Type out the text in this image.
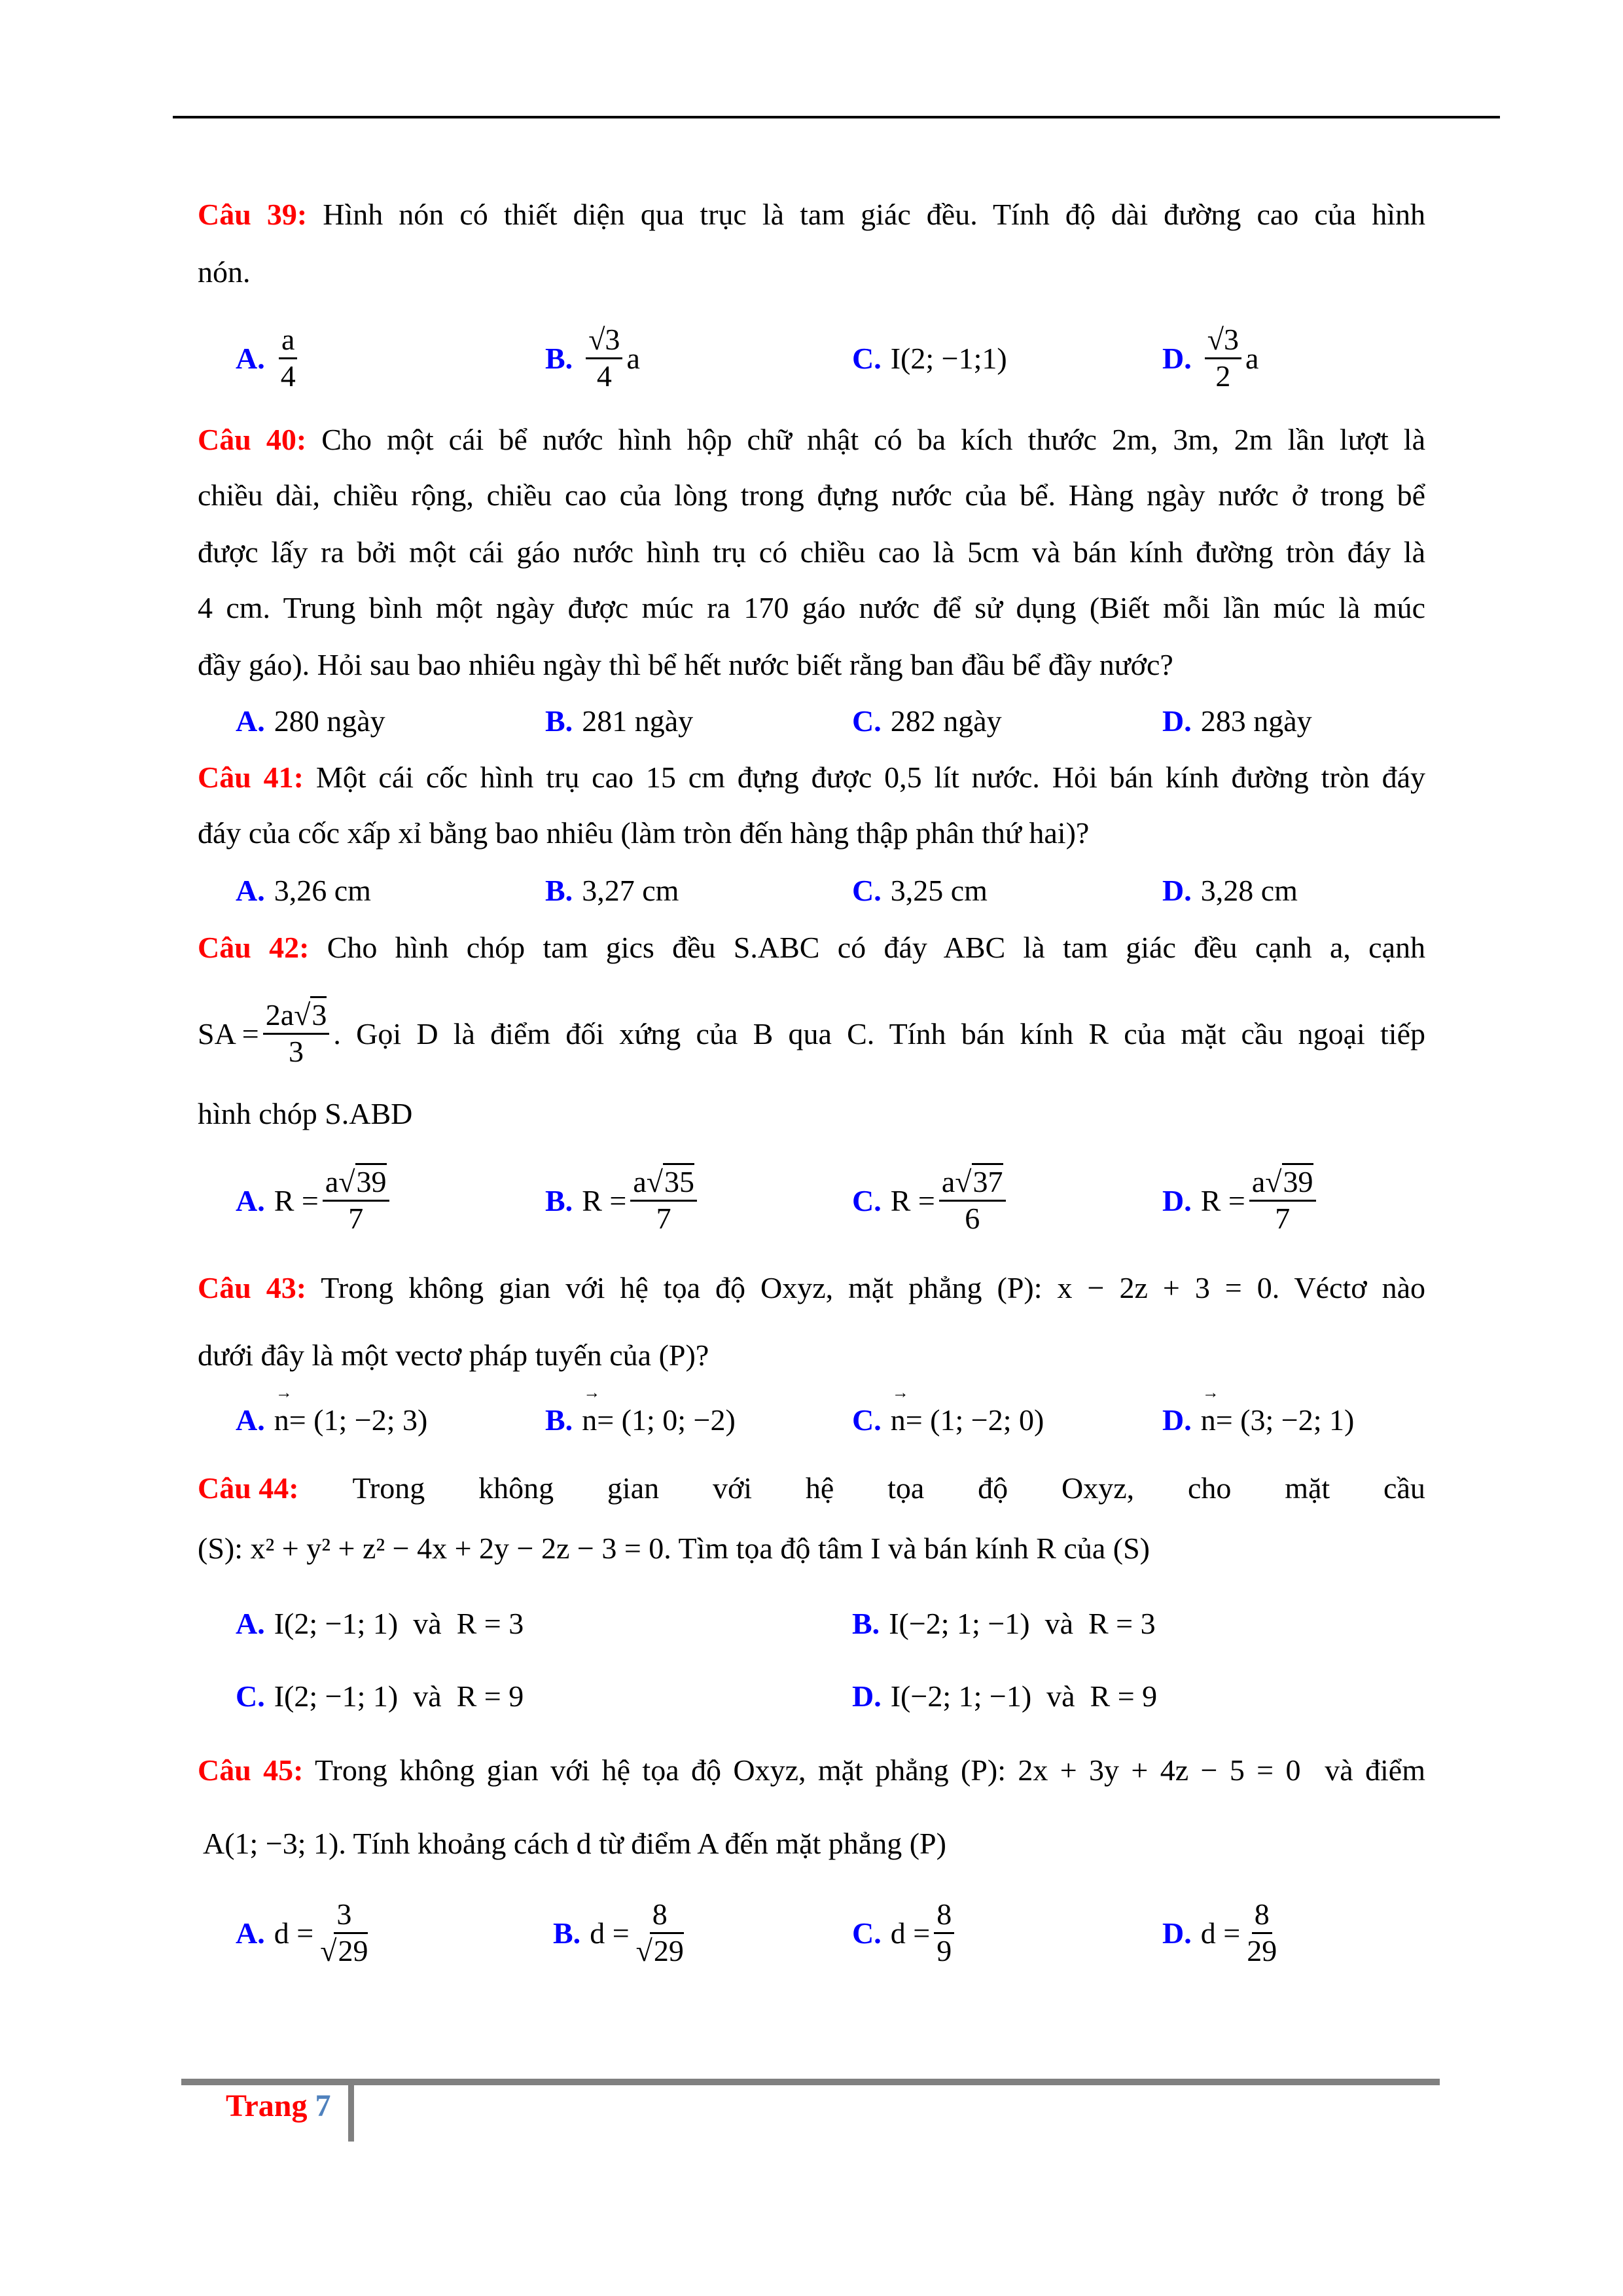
Câu 39: Hình nón có thiết diện qua trục là tam giác đều. Tính độ dài đường cao của hình
nón.
A. $\frac{a}{4}$	B. $\frac{√3}{4}$ a	C. I(2; −1;1)	D. $\frac{√3}{2}$ a
Câu 40: Cho một cái bể nước hình hộp chữ nhật có ba kích thước 2m, 3m, 2m lần lượt là
chiều dài, chiều rộng, chiều cao của lòng trong đựng nước của bể. Hàng ngày nước ở trong bể
được lấy ra bởi một cái gáo nước hình trụ có chiều cao là 5cm và bán kính đường tròn đáy là
4 cm. Trung bình một ngày được múc ra 170 gáo nước để sử dụng (Biết mỗi lần múc là múc
đầy gáo). Hỏi sau bao nhiêu ngày thì bể hết nước biết rằng ban đầu bể đầy nước?
A. 280 ngày	B. 281 ngày	C. 282 ngày	D. 283 ngày
Câu 41: Một cái cốc hình trụ cao 15 cm đựng được 0,5 lít nước. Hỏi bán kính đường tròn đáy
đáy của cốc xấp xỉ bằng bao nhiêu (làm tròn đến hàng thập phân thứ hai)?
A. 3,26 cm	B. 3,27 cm	C. 3,25 cm	D. 3,28 cm
Câu 42: Cho hình chóp tam gics đều S.ABC có đáy ABC là tam giác đều cạnh a, cạnh
SA = $\frac{2a√3}{3}$ . Gọi D là điểm đối xứng của B qua C. Tính bán kính R của mặt cầu ngoại tiếp
hình chóp S.ABD
A. $R = \frac{a√39}{7}$	B. $R = \frac{a√35}{7}$	C. $R = \frac{a√37}{6}$	D. $R = \frac{a√39}{7}$
Câu 43: Trong không gian với hệ tọa độ Oxyz, mặt phẳng (P): x − 2z + 3 = 0. Véctơ nào
dưới đây là một vectơ pháp tuyến của (P)?
A. → n = (1; −2; 3)	B. → n = (1; 0; −2)	C. → n = (1; −2; 0)	D. → n = (3; −2; 1)
Câu 44: Trong không gian với hệ tọa độ Oxyz, cho mặt cầu
(S): x² + y² + z² − 4x + 2y − 2z − 3 = 0. Tìm tọa độ tâm I và bán kính R của (S)
A. I(2; −1; 1)  và  R = 3	B. I(−2; 1; −1)  và  R = 3
C. I(2; −1; 1)  và  R = 9	D. I(−2; 1; −1)  và  R = 9
Câu 45: Trong không gian với hệ tọa độ Oxyz, mặt phẳng (P): 2x + 3y + 4z − 5 = 0  và điểm
A(1; −3; 1). Tính khoảng cách d từ điểm A đến mặt phẳng (P)
A. $d = \frac{3}{√29}$	B. $d = \frac{8}{√29}$	C. $d = \frac{8}{9}$	D. $d = \frac{8}{29}$
Trang 7
